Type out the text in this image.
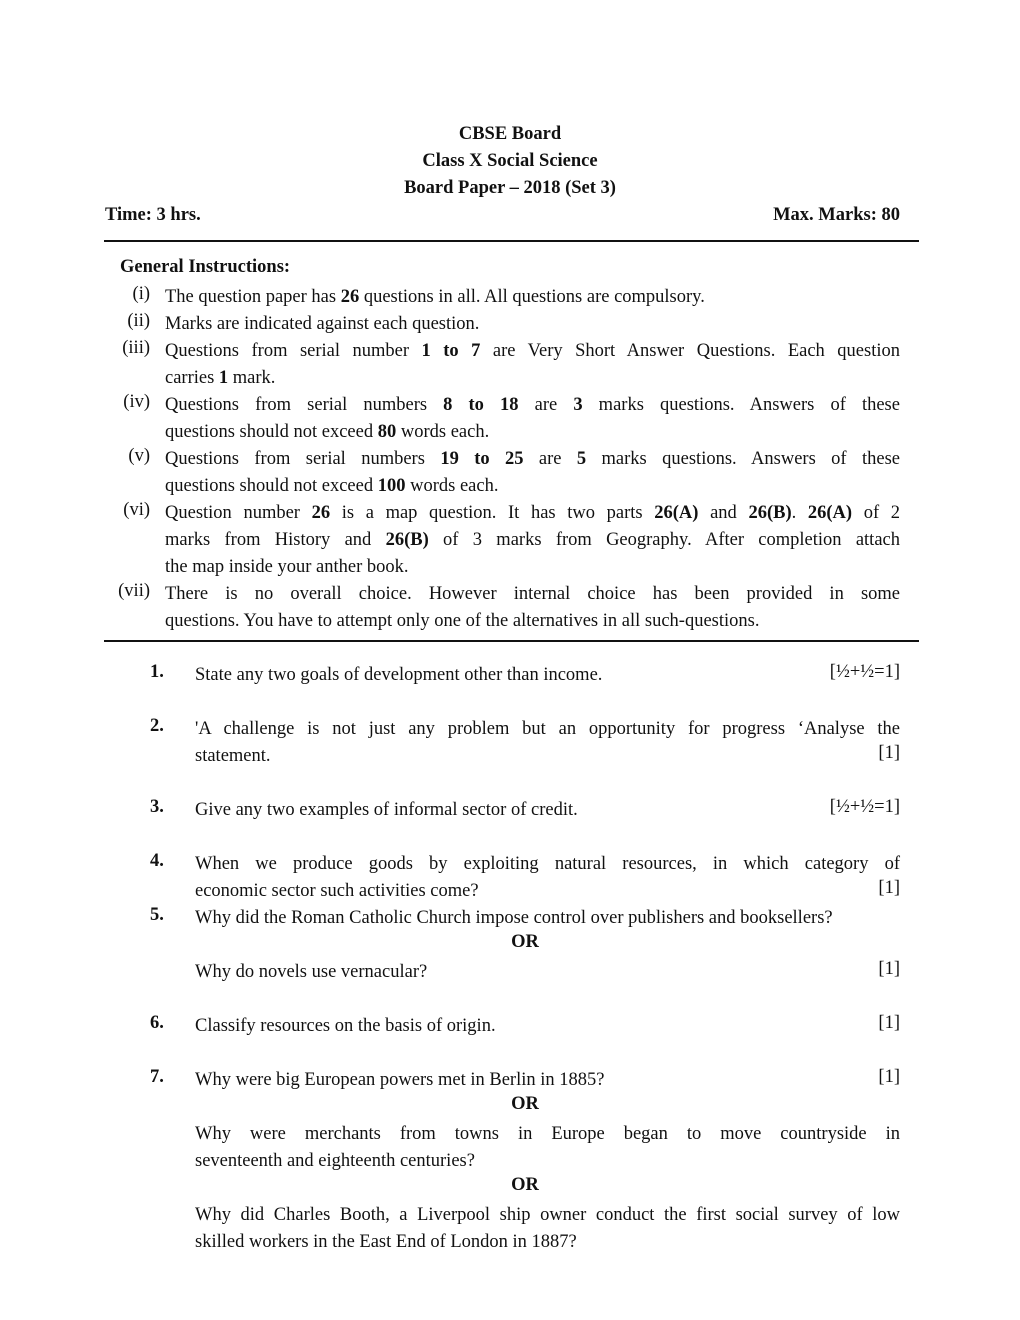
CBSE Board
Class X Social Science
Board Paper – 2018 (Set 3)
Time: 3 hrs.	Max. Marks: 80
General Instructions:
(i) The question paper has 26 questions in all. All questions are compulsory.
(ii) Marks are indicated against each question.
(iii) Questions from serial number 1 to 7 are Very Short Answer Questions. Each question
carries 1 mark.
(iv) Questions from serial numbers 8 to 18 are 3 marks questions. Answers of these
questions should not exceed 80 words each.
(v) Questions from serial numbers 19 to 25 are 5 marks questions. Answers of these
questions should not exceed 100 words each.
(vi) Question number 26 is a map question. It has two parts 26(A) and 26(B). 26(A) of 2
marks from History and 26(B) of 3 marks from Geography. After completion attach
the map inside your anther book.
(vii) There is no overall choice. However internal choice has been provided in some
questions. You have to attempt only one of the alternatives in all such-questions.
1. State any two goals of development other than income.	[½+½=1]
2. 'A challenge is not just any problem but an opportunity for progress ‘Analyse the
statement.	[1]
3. Give any two examples of informal sector of credit.	[½+½=1]
4. When we produce goods by exploiting natural resources, in which category of
economic sector such activities come?	[1]
5. Why did the Roman Catholic Church impose control over publishers and booksellers?
OR
Why do novels use vernacular?	[1]
6. Classify resources on the basis of origin.	[1]
7. Why were big European powers met in Berlin in 1885?	[1]
OR
Why were merchants from towns in Europe began to move countryside in
seventeenth and eighteenth centuries?
OR
Why did Charles Booth, a Liverpool ship owner conduct the first social survey of low
skilled workers in the East End of London in 1887?
